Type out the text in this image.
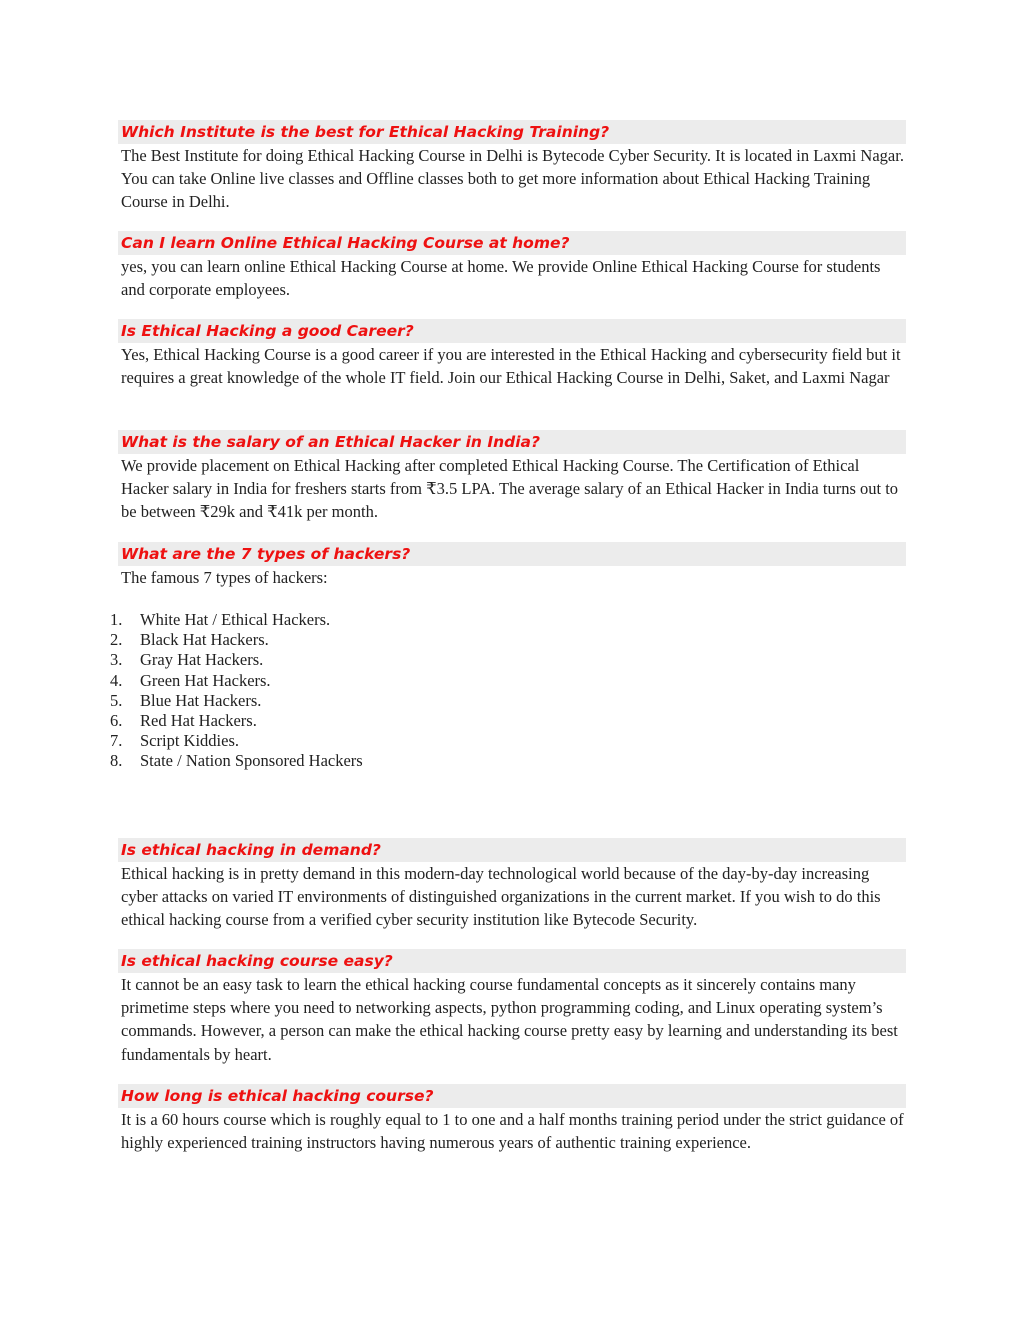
Which Institute is the best for Ethical Hacking Training?

The Best Institute for doing Ethical Hacking Course in Delhi is Bytecode Cyber Security. It is located in Laxmi Nagar. You can take Online live classes and Offline classes both to get more information about Ethical Hacking Training Course in Delhi.

Can I learn Online Ethical Hacking Course at home?

yes, you can learn online Ethical Hacking Course at home. We provide Online Ethical Hacking Course for students and corporate employees.

Is Ethical Hacking a good Career?

Yes, Ethical Hacking Course is a good career if you are interested in the Ethical Hacking and cybersecurity field but it requires a great knowledge of the whole IT field. Join our Ethical Hacking Course in Delhi, Saket, and Laxmi Nagar

What is the salary of an Ethical Hacker in India?

We provide placement on Ethical Hacking after completed Ethical Hacking Course. The Certification of Ethical Hacker salary in India for freshers starts from ₹3.5 LPA. The average salary of an Ethical Hacker in India turns out to be between ₹29k and ₹41k per month.

What are the 7 types of hackers?

The famous 7 types of hackers:

1. White Hat / Ethical Hackers.
2. Black Hat Hackers.
3. Gray Hat Hackers.
4. Green Hat Hackers.
5. Blue Hat Hackers.
6. Red Hat Hackers.
7. Script Kiddies.
8. State / Nation Sponsored Hackers
Is ethical hacking in demand?

Ethical hacking is in pretty demand in this modern-day technological world because of the day-by-day increasing cyber attacks on varied IT environments of distinguished organizations in the current market. If you wish to do this ethical hacking course from a verified cyber security institution like Bytecode Security.

Is ethical hacking course easy?

It cannot be an easy task to learn the ethical hacking course fundamental concepts as it sincerely contains many primetime steps where you need to networking aspects, python programming coding, and Linux operating system’s commands. However, a person can make the ethical hacking course pretty easy by learning and understanding its best fundamentals by heart.

How long is ethical hacking course?

It is a 60 hours course which is roughly equal to 1 to one and a half months training period under the strict guidance of highly experienced training instructors having numerous years of authentic training experience.
